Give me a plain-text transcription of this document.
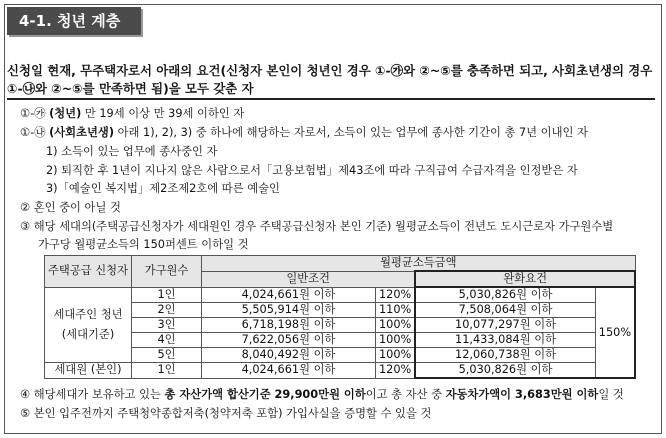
4-1. 청년 계층
신청일 현재, 무주택자로서 아래의 요건(신청자 본인이 청년인 경우 ①-㉮와 ②~⑤를 충족하면 되고, 사회초년생의 경우 ①-㉯와 ②~⑤를 만족하면 됨)을 모두 갖춘 자
①-㉮ (청년) 만 19세 이상 만 39세 이하인 자
①-㉯ (사회초년생) 아래 1), 2), 3) 중 하나에 해당하는 자로서, 소득이 있는 업무에 종사한 기간이 총 7년 이내인 자
1) 소득이 있는 업무에 종사중인 자
2) 퇴직한 후 1년이 지나지 않은 사람으로서「고용보험법」제43조에 따라 구직급여 수급자격을 인정받은 자
3)「예술인 복지법」제2조제2호에 따른 예술인
② 혼인 중이 아닐 것
③ 해당 세대의(주택공급신청자가 세대원인 경우 주택공급신청자 본인 기준) 월평균소득이 전년도 도시근로자 가구원수별
가구당 월평균소득의 150퍼센트 이하일 것
주택공급 신청자	가구원수	월평균소득금액			
		일반조건		완화요건	
세대주인 청년 (세대기준)	1인	4,024,661원 이하	120%	5,030,826원 이하	150%
	2인	5,505,914원 이하	110%	7,508,064원 이하	
	3인	6,718,198원 이하	100%	10,077,297원 이하	
	4인	7,622,056원 이하	100%	11,433,084원 이하	
	5인	8,040,492원 이하	100%	12,060,738원 이하	
세대원 (본인)	1인	4,024,661원 이하	120%	5,030,826원 이하	
④ 해당세대가 보유하고 있는 총 자산가액 합산기준 29,900만원 이하이고 총 자산 중 자동차가액이 3,683만원 이하일 것
⑤ 본인 입주전까지 주택청약종합저축(청약저축 포함) 가입사실을 증명할 수 있을 것
